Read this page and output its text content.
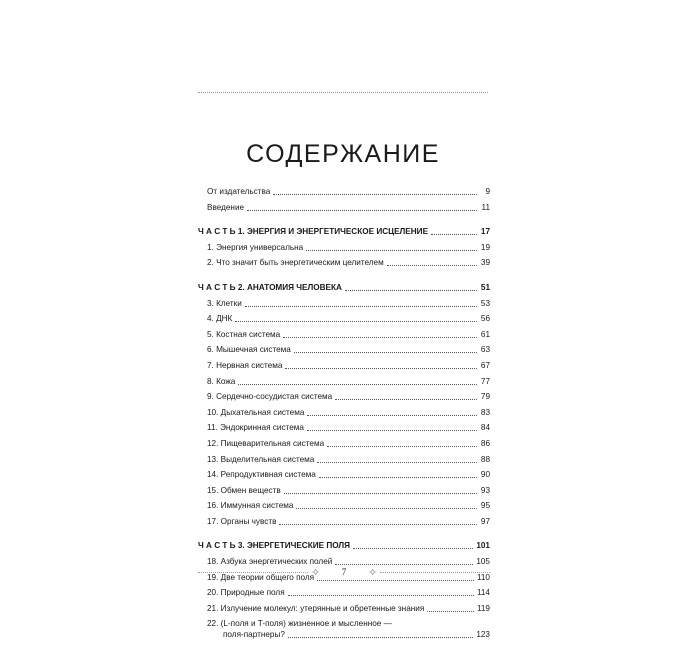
СОДЕРЖАНИЕ
От издательства	9
Введение	11
Ч А С Т Ь 1. ЭНЕРГИЯ И ЭНЕРГЕТИЧЕСКОЕ ИСЦЕЛЕНИЕ	17
1. Энергия универсальна	19
2. Что значит быть энергетическим целителем	39
Ч А С Т Ь 2. АНАТОМИЯ ЧЕЛОВЕКА	51
3. Клетки	53
4. ДНК	56
5. Костная система	61
6. Мышечная система	63
7. Нервная система	67
8. Кожа	77
9. Сердечно-сосудистая система	79
10. Дыхательная система	83
11. Эндокринная система	84
12. Пищеварительная система	86
13. Выделительная система	88
14. Репродуктивная система	90
15. Обмен веществ	93
16. Иммунная система	95
17. Органы чувств	97
Ч А С Т Ь 3. ЭНЕРГЕТИЧЕСКИЕ ПОЛЯ	101
18. Азбука энергетических полей	105
19. Две теории общего поля	110
20. Природные поля	114
21. Излучение молекул: утерянные и обретенные знания	119
22. (L-поля и T-поля) жизненное и мысленное —
поля-партнеры?	123
✧	7	✧
